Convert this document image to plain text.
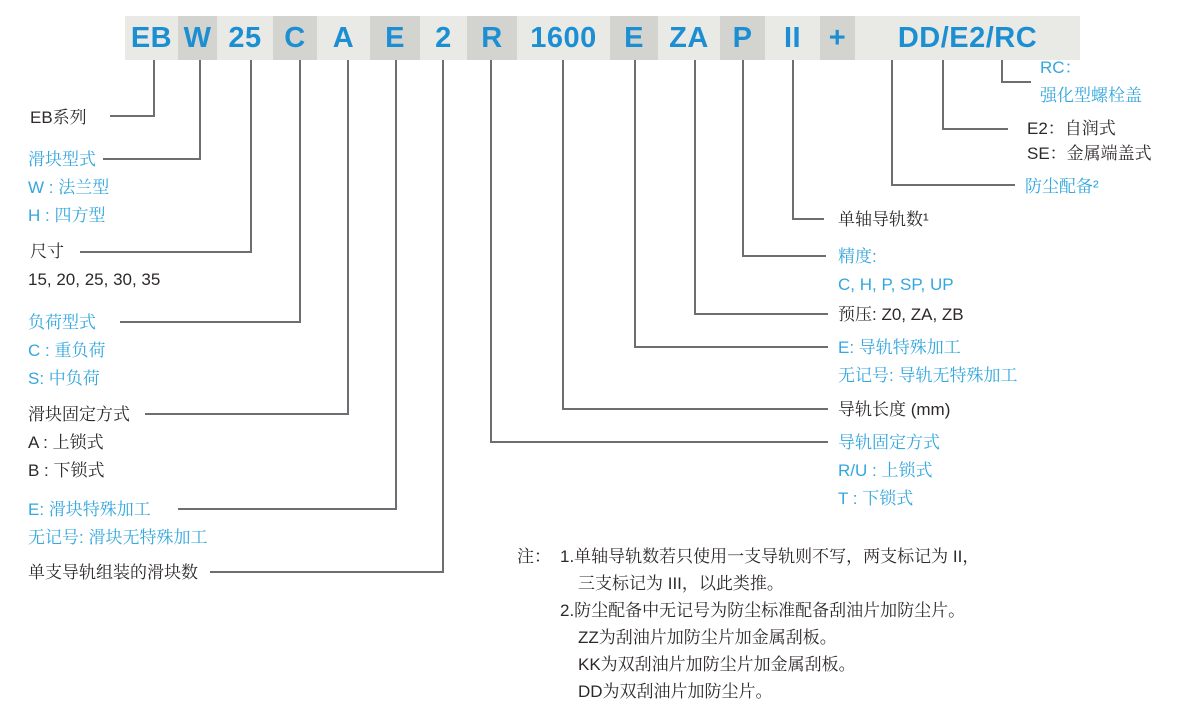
EB W 25 C A	E	2	R 1600 E ZA P	II +	DD/E2/RC
EB系列
滑块型式
W : 法兰型
H : 四方型
尺寸
15, 20, 25, 30, 35
负荷型式
C : 重负荷
S: 中负荷
滑块固定方式
A : 上锁式
B : 下锁式
E: 滑块特殊加工
无记号: 滑块无特殊加工
单支导轨组装的滑块数
单轴导轨数¹
精度:
C, H, P, SP, UP
预压: Z0, ZA, ZB
E: 导轨特殊加工
无记号: 导轨无特殊加工
导轨长度 (mm)
导轨固定方式
R/U : 上锁式
T : 下锁式
RC：
强化型螺栓盖
E2：自润式
SE：金属端盖式
防尘配备²
注： 1.单轴导轨数若只使用一支导轨则不写，两支标记为 II，
三支标记为 III，以此类推。
2.防尘配备中无记号为防尘标准配备刮油片加防尘片。
ZZ为刮油片加防尘片加金属刮板。
KK为双刮油片加防尘片加金属刮板。
DD为双刮油片加防尘片。
